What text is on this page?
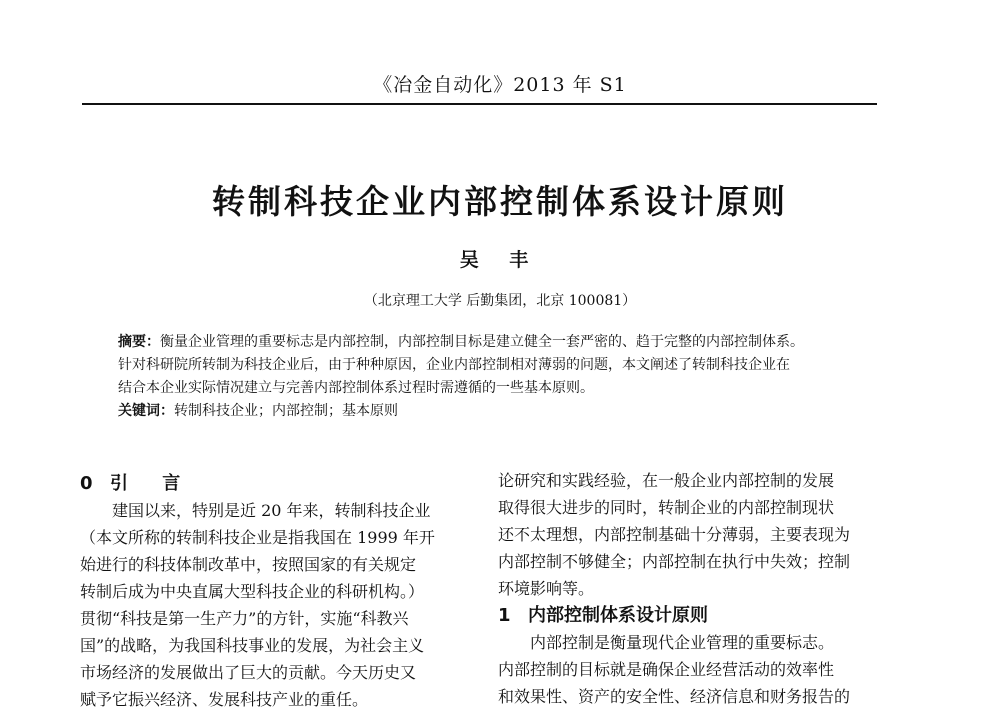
《冶金自动化》2013 年 S1
转制科技企业内部控制体系设计原则
吴 丰
（北京理工大学 后勤集团，北京 100081）

摘要：衡量企业管理的重要标志是内部控制，内部控制目标是建立健全一套严密的、趋于完整的内部控制体系。

针对科研院所转制为科技企业后，由于种种原因，企业内部控制相对薄弱的问题，本文阐述了转制科技企业在

结合本企业实际情况建立与完善内部控制体系过程时需遵循的一些基本原则。

关键词：转制科技企业；内部控制；基本原则

0 引 言

建国以来，特别是近 20 年来，转制科技企业

（本文所称的转制科技企业是指我国在 1999 年开

始进行的科技体制改革中，按照国家的有关规定

转制后成为中央直属大型科技企业的科研机构。）

贯彻“科技是第一生产力”的方针，实施“科教兴

国”的战略，为我国科技事业的发展，为社会主义

市场经济的发展做出了巨大的贡献。今天历史又

赋予它振兴经济、发展科技产业的重任。

论研究和实践经验，在一般企业内部控制的发展

取得很大进步的同时，转制企业的内部控制现状

还不太理想，内部控制基础十分薄弱，主要表现为

内部控制不够健全；内部控制在执行中失效；控制

环境影响等。

1 内部控制体系设计原则

内部控制是衡量现代企业管理的重要标志。

内部控制的目标就是确保企业经营活动的效率性

和效果性、资产的安全性、经济信息和财务报告的
